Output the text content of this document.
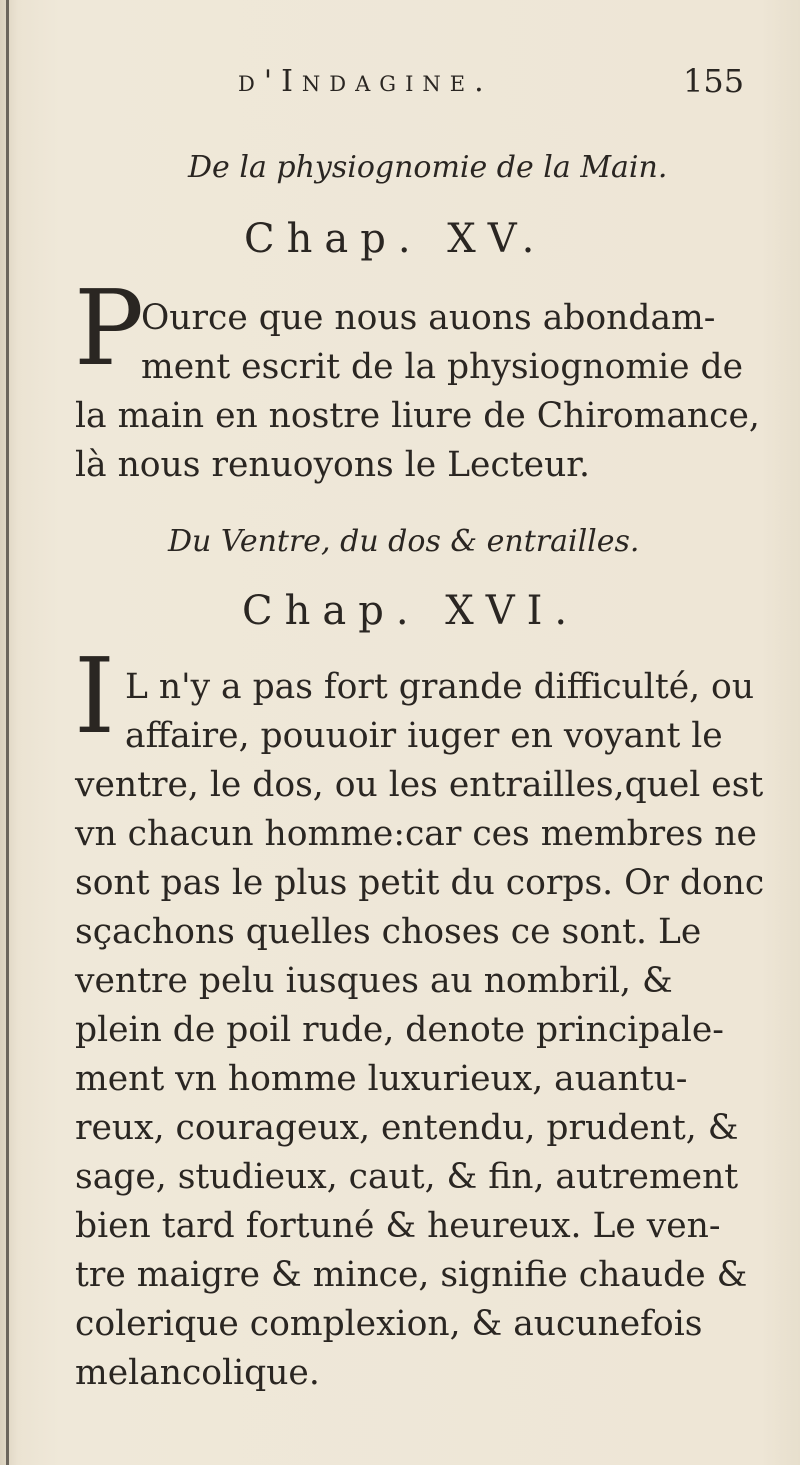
d'Indagine.	155
De la physiognomie de la Main.
Chap. XV.
P
Ource que nous auons abondam-
ment escrit de la physiognomie de
la main en nostre liure de Chiromance,
là nous renuoyons le Lecteur.
Du Ventre, du dos & entrailles.
Chap. XVI.
I L n'y a pas fort grande difficulté, ou
affaire, pouuoir iuger en voyant le
ventre, le dos, ou les entrailles,quel est
vn chacun homme:car ces membres ne
sont pas le plus petit du corps. Or donc
sçachons quelles choses ce sont. Le
ventre pelu iusques au nombril, &
plein de poil rude, denote principale-
ment vn homme luxurieux, auantu-
reux, courageux, entendu, prudent, &
sage, studieux, caut, & fin, autrement
bien tard fortuné & heureux. Le ven-
tre maigre & mince, signifie chaude &
colerique complexion, & aucunefois
melancolique.
